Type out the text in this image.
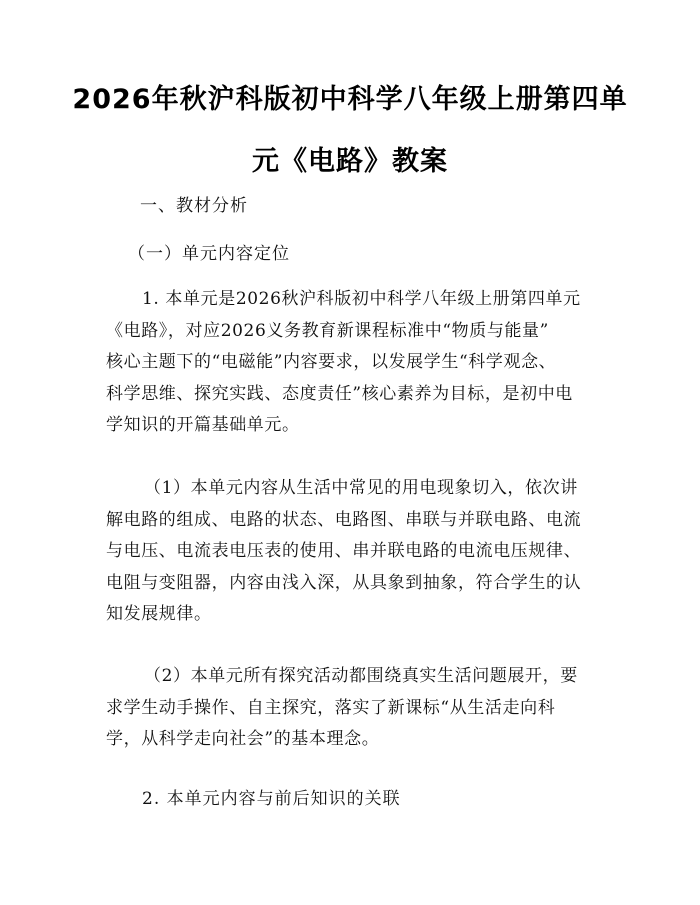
2026年秋沪科版初中科学八年级上册第四单
元《电路》教案

一、教材分析

（一）单元内容定位

1. 本单元是2026秋沪科版初中科学八年级上册第四单元
《电路》，对应2026义务教育新课程标准中“物质与能量”
核心主题下的“电磁能”内容要求，以发展学生“科学观念、
科学思维、探究实践、态度责任”核心素养为目标，是初中电
学知识的开篇基础单元。
（1）本单元内容从生活中常见的用电现象切入，依次讲
解电路的组成、电路的状态、电路图、串联与并联电路、电流
与电压、电流表电压表的使用、串并联电路的电流电压规律、
电阻与变阻器，内容由浅入深，从具象到抽象，符合学生的认
知发展规律。
（2）本单元所有探究活动都围绕真实生活问题展开，要
求学生动手操作、自主探究，落实了新课标“从生活走向科
学，从科学走向社会”的基本理念。

2. 本单元内容与前后知识的关联
